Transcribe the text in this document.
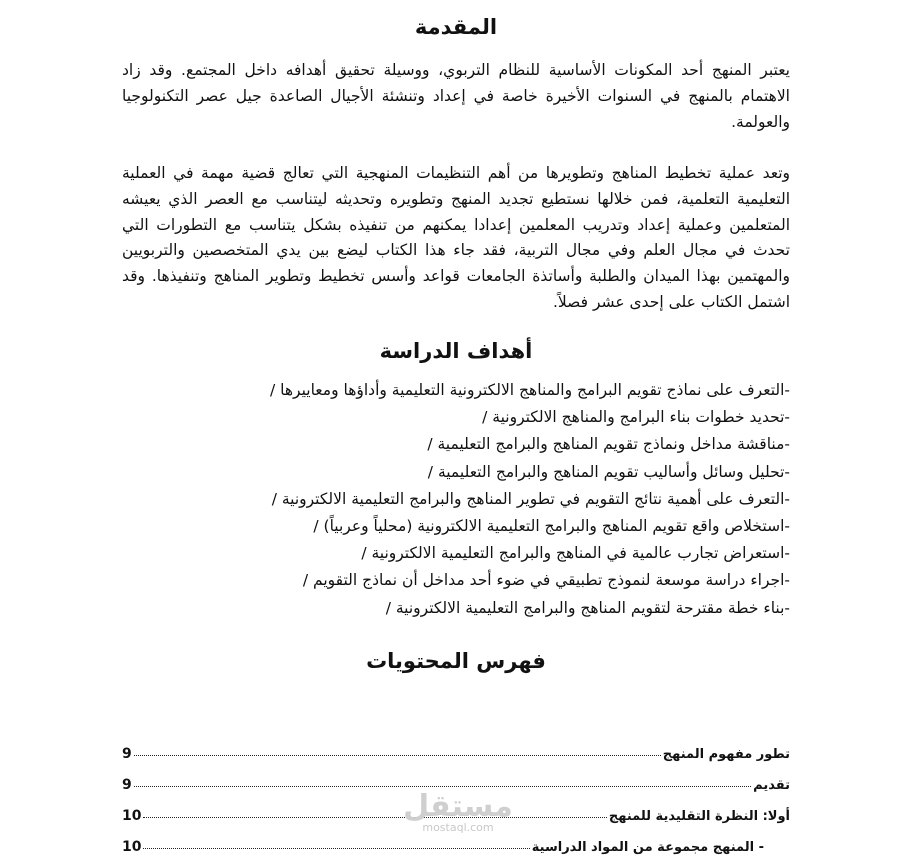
المقدمة

يعتبر المنهج أحد المكونات الأساسية للنظام التربوي، ووسيلة تحقيق أهدافه داخل المجتمع. وقد زاد الاهتمام بالمنهج في السنوات الأخيرة خاصة في إعداد وتنشئة الأجيال الصاعدة جيل عصر التكنولوجيا والعولمة.

وتعد عملية تخطيط المناهج وتطويرها من أهم التنظيمات المنهجية التي تعالج قضية مهمة في العملية التعليمية التعلمية، فمن خلالها نستطيع تجديد المنهج وتطويره وتحديثه ليتناسب مع العصر الذي يعيشه المتعلمين وعملية إعداد وتدريب المعلمين إعدادا يمكنهم من تنفيذه بشكل يتناسب مع التطورات التي تحدث في مجال العلم وفي مجال التربية، فقد جاء هذا الكتاب ليضع بين يدي المتخصصين والتربويين والمهتمين بهذا الميدان والطلبة وأساتذة الجامعات قواعد وأسس تخطيط وتطوير المناهج وتنفيذها. وقد اشتمل الكتاب على إحدى عشر فصلاً.

أهداف الدراسة
-التعرف على نماذج تقويم البرامج والمناهج الالكترونية التعليمية وأداؤها ومعاييرها /
-تحديد خطوات بناء البرامج والمناهج الالكترونية /
-مناقشة مداخل ونماذج تقويم المناهج والبرامج التعليمية /
-تحليل وسائل وأساليب تقويم المناهج والبرامج التعليمية /
-التعرف على أهمية نتائج التقويم في تطوير المناهج والبرامج التعليمية الالكترونية /
-استخلاص واقع تقويم المناهج والبرامج التعليمية الالكترونية (محلياً وعربياً) /
-استعراض تجارب عالمية في المناهج والبرامج التعليمية الالكترونية /
-اجراء دراسة موسعة لنموذج تطبيقي في ضوء أحد مداخل أن نماذج التقويم /
-بناء خطة مقترحة لتقويم المناهج والبرامج التعليمية الالكترونية /
فهرس المحتويات
تطور مفهوم المنهج
9
تقديم
9
أولا: النظرة التقليدية للمنهج
10
- المنهج مجموعة من المواد الدراسية
10
مستقل
mostaql.com
